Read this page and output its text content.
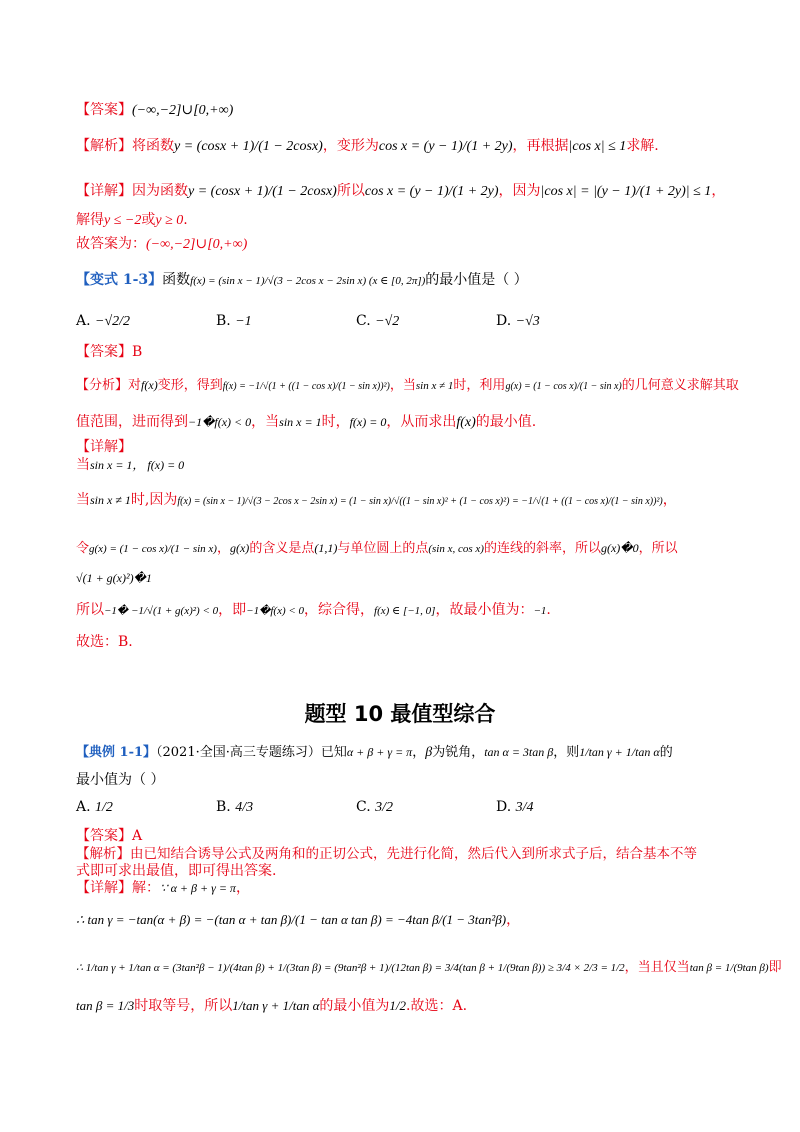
【答案】(−∞,−2]∪[0,+∞)
【解析】将函数y = (cosx + 1)/(1 − 2cosx)，变形为cos x = (y − 1)/(1 + 2y)，再根据|cos x| ≤ 1求解.
【详解】因为函数y = (cosx + 1)/(1 − 2cosx)所以cos x = (y − 1)/(1 + 2y)，因为|cos x| = |(y − 1)/(1 + 2y)| ≤ 1，
解得y ≤ −2或y ≥ 0.
故答案为：(−∞,−2]∪[0,+∞)
【变式 1-3】函数f(x) = (sin x − 1)/√(3 − 2cos x − 2sin x) (x ∈ [0, 2π])的最小值是（ ）
A. −√2/2	B. −1	C. −√2	D. −√3
【答案】B
【分析】对f(x)变形，得到f(x) = −1/√(1 + ((1 − cos x)/(1 − sin x))²)，当sin x ≠ 1时，利用g(x) = (1 − cos x)/(1 − sin x)的几何意义求解其取
值范围，进而得到−1�f(x) < 0，当sin x = 1时，f(x) = 0，从而求出f(x)的最小值.
【详解】
当sin x = 1， f(x) = 0
当sin x ≠ 1时,因为f(x) = (sin x − 1)/√(3 − 2cos x − 2sin x) = (1 − sin x)/√((1 − sin x)² + (1 − cos x)²) = −1/√(1 + ((1 − cos x)/(1 − sin x))²)，
令g(x) = (1 − cos x)/(1 − sin x)，g(x)的含义是点(1,1)与单位圆上的点(sin x, cos x)的连线的斜率，所以g(x)�0，所以
√(1 + g(x)²)�1
所以−1� −1/√(1 + g(x)²) < 0，即−1�f(x) < 0，综合得，f(x) ∈ [−1, 0]，故最小值为：−1.
故选：B.
题型 10 最值型综合
【典例 1-1】（2021·全国·高三专题练习）已知α + β + γ = π，β为锐角，tan α = 3tan β，则1/tan γ + 1/tan α的
最小值为（ ）
A. 1/2	B. 4/3	C. 3/2	D. 3/4
【答案】A
【解析】由已知结合诱导公式及两角和的正切公式，先进行化简，然后代入到所求式子后，结合基本不等
式即可求出最值，即可得出答案.
【详解】解：∵ α + β + γ = π，
∴ tan γ = −tan(α + β) = −(tan α + tan β)/(1 − tan α tan β) = −4tan β/(1 − 3tan²β)，
∴ 1/tan γ + 1/tan α = (3tan²β − 1)/(4tan β) + 1/(3tan β) = (9tan²β + 1)/(12tan β) = 3/4(tan β + 1/(9tan β)) ≥ 3/4 × 2/3 = 1/2，当且仅当tan β = 1/(9tan β)即
tan β = 1/3时取等号，所以1/tan γ + 1/tan α的最小值为1/2.故选：A.
